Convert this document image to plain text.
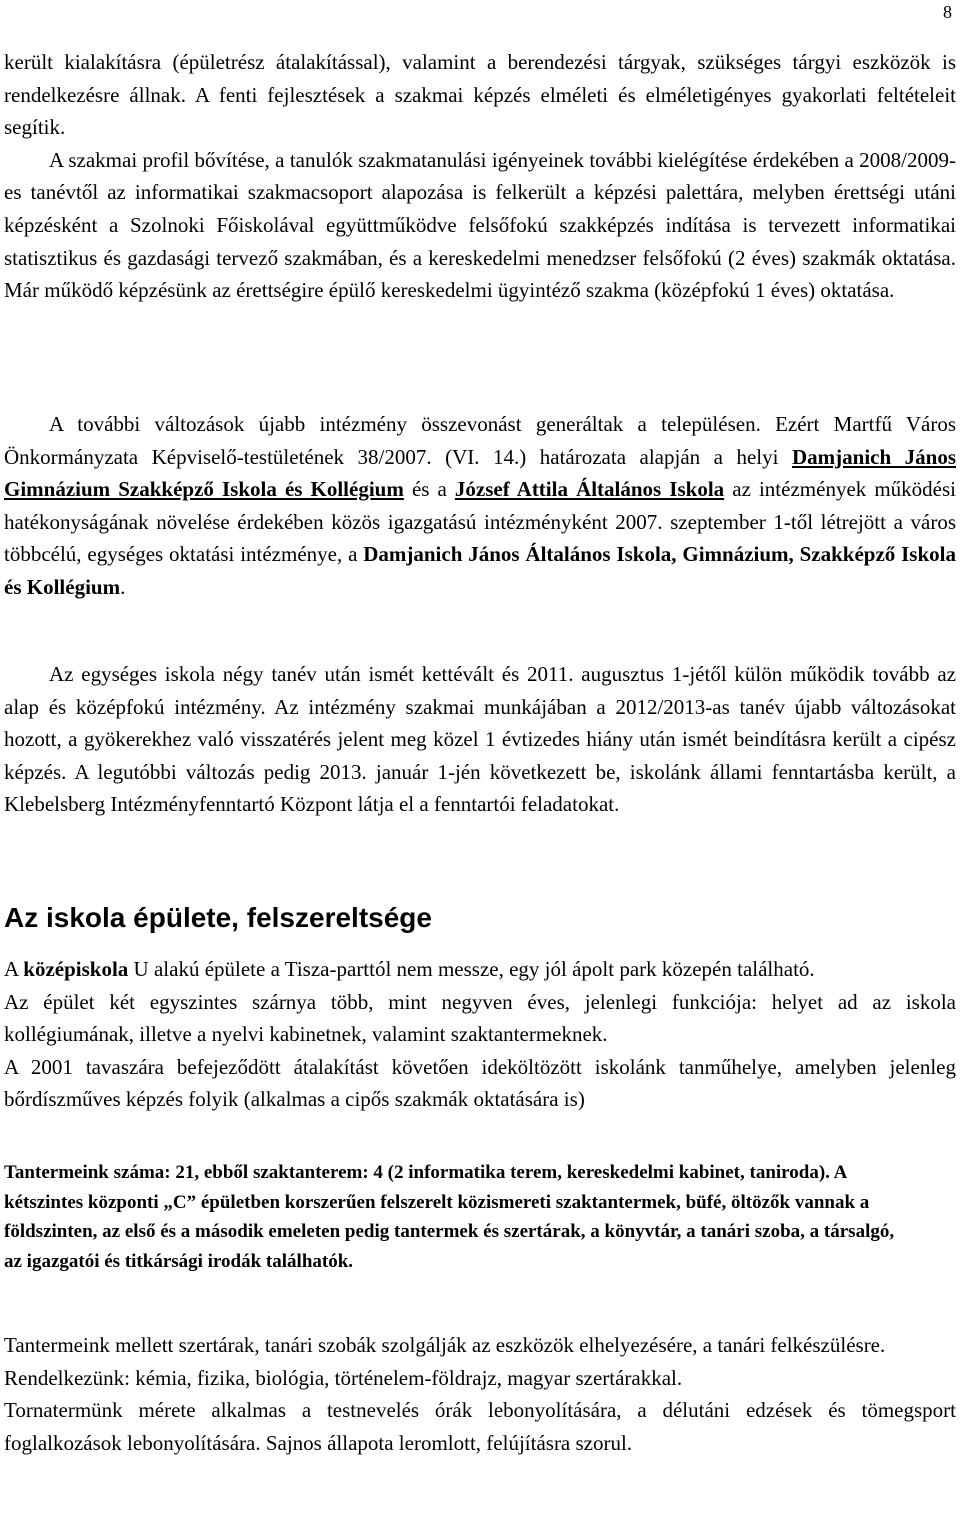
8

került kialakításra (épületrész átalakítással), valamint a berendezési tárgyak, szükséges tárgyi eszközök is rendelkezésre állnak. A fenti fejlesztések a szakmai képzés elméleti és elméletigényes gyakorlati feltételeit segítik.
A szakmai profil bővítése, a tanulók szakmatanulási igényeinek további kielégítése érdekében a 2008/2009-es tanévtől az informatikai szakmacsoport alapozása is felkerült a képzési palettára, melyben érettségi utáni képzésként a Szolnoki Főiskolával együttműködve felsőfokú szakképzés indítása is tervezett informatikai statisztikus és gazdasági tervező szakmában, és a kereskedelmi menedzser felsőfokú (2 éves) szakmák oktatása. Már működő képzésünk az érettségire épülő kereskedelmi ügyintéző szakma (középfokú 1 éves) oktatása.

A további változások újabb intézmény összevonást generáltak a településen. Ezért Martfű Város Önkormányzata Képviselő-testületének 38/2007. (VI. 14.) határozata alapján a helyi Damjanich János Gimnázium Szakképző Iskola és Kollégium és a József Attila Általános Iskola az intézmények működési hatékonyságának növelése érdekében közös igazgatású intézményként 2007. szeptember 1-től létrejött a város többcélú, egységes oktatási intézménye, a Damjanich János Általános Iskola, Gimnázium, Szakképző Iskola és Kollégium.

Az egységes iskola négy tanév után ismét kettévált és 2011. augusztus 1-jétől külön működik tovább az alap és középfokú intézmény. Az intézmény szakmai munkájában a 2012/2013-as tanév újabb változásokat hozott, a gyökerekhez való visszatérés jelent meg közel 1 évtizedes hiány után ismét beindításra került a cipész képzés. A legutóbbi változás pedig 2013. január 1-jén következett be, iskolánk állami fenntartásba került, a Klebelsberg Intézményfenntartó Központ látja el a fenntartói feladatokat.

Az iskola épülete, felszereltsége

A középiskola U alakú épülete a Tisza-parttól nem messze, egy jól ápolt park közepén található.
Az épület két egyszintes szárnya több, mint negyven éves, jelenlegi funkciója: helyet ad az iskola kollégiumának, illetve a nyelvi kabinetnek, valamint szaktantermeknek.
A 2001 tavaszára befejeződött átalakítást követően ideköltözött iskolánk tanműhelye, amelyben jelenleg bőrdíszműves képzés folyik (alkalmas a cipős szakmák oktatására is)

Tantermeink száma: 21, ebből szaktanterem: 4 (2 informatika terem, kereskedelmi kabinet, taniroda). A kétszintes központi „C” épületben korszerűen felszerelt közismereti szaktantermek, büfé, öltözők vannak a földszinten, az első és a második emeleten pedig tantermek és szertárak, a könyvtár, a tanári szoba, a társalgó, az igazgatói és titkársági irodák találhatók.

Tantermeink mellett szertárak, tanári szobák szolgálják az eszközök elhelyezésére, a tanári felkészülésre.
Rendelkezünk: kémia, fizika, biológia, történelem-földrajz, magyar szertárakkal.
Tornatermünk mérete alkalmas a testnevelés órák lebonyolítására, a délutáni edzések és tömegsport foglalkozások lebonyolítására. Sajnos állapota leromlott, felújításra szorul.
